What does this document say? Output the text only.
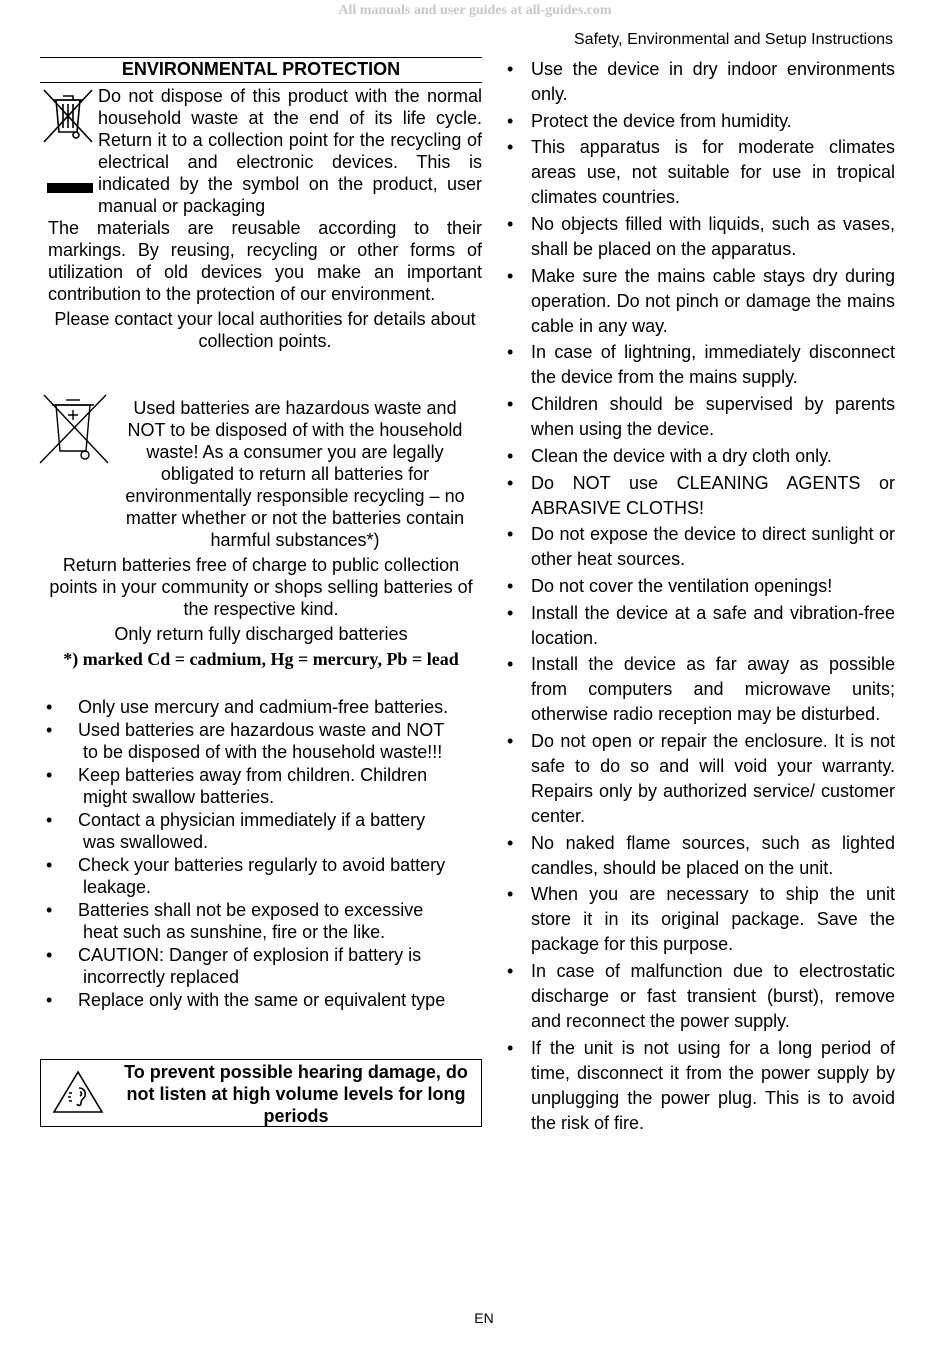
All manuals and user guides at all-guides.com
Safety, Environmental and Setup Instructions
ENVIRONMENTAL PROTECTION
Do not dispose of this product with the normal household waste at the end of its life cycle. Return it to a collection point for the recycling of electrical and electronic devices. This is indicated by the symbol on the product, user manual or packaging
The materials are reusable according to their markings. By reusing, recycling or other forms of utilization of old devices you make an important contribution to the protection of our environment.
Please contact your local authorities for details about collection points.
Used batteries are hazardous waste and NOT to be disposed of with the household waste! As a consumer you are legally obligated to return all batteries for environmentally responsible recycling – no matter whether or not the batteries contain harmful substances*)
Return batteries free of charge to public collection points in your community or shops selling batteries of the respective kind.
Only return fully discharged batteries
*) marked Cd = cadmium, Hg = mercury, Pb = lead
• Only use mercury and cadmium-free batteries.
• Used batteries are hazardous waste and NOT
to be disposed of with the household waste!!!
• Keep batteries away from children. Children
might swallow batteries.
• Contact a physician immediately if a battery
was swallowed.
• Check your batteries regularly to avoid battery
leakage.
• Batteries shall not be exposed to excessive
heat such as sunshine, fire or the like.
• CAUTION: Danger of explosion if battery is
incorrectly replaced
• Replace only with the same or equivalent type
To prevent possible hearing damage, do not listen at high volume levels for long periods
• Use the device in dry indoor environments only.
• Protect the device from humidity.
• This apparatus is for moderate climates areas use, not suitable for use in tropical climates countries.
• No objects filled with liquids, such as vases, shall be placed on the apparatus.
• Make sure the mains cable stays dry during operation. Do not pinch or damage the mains cable in any way.
• In case of lightning, immediately disconnect the device from the mains supply.
• Children should be supervised by parents when using the device.
• Clean the device with a dry cloth only.
• Do NOT use CLEANING AGENTS or ABRASIVE CLOTHS!
• Do not expose the device to direct sunlight or other heat sources.
• Do not cover the ventilation openings!
• Install the device at a safe and vibration-free location.
• Install the device as far away as possible from computers and microwave units; otherwise radio reception may be disturbed.
• Do not open or repair the enclosure. It is not safe to do so and will void your warranty. Repairs only by authorized service/ customer center.
• No naked flame sources, such as lighted candles, should be placed on the unit.
• When you are necessary to ship the unit store it in its original package. Save the package for this purpose.
• In case of malfunction due to electrostatic discharge or fast transient (burst), remove and reconnect the power supply.
• If the unit is not using for a long period of time, disconnect it from the power supply by unplugging the power plug. This is to avoid the risk of fire.
EN
